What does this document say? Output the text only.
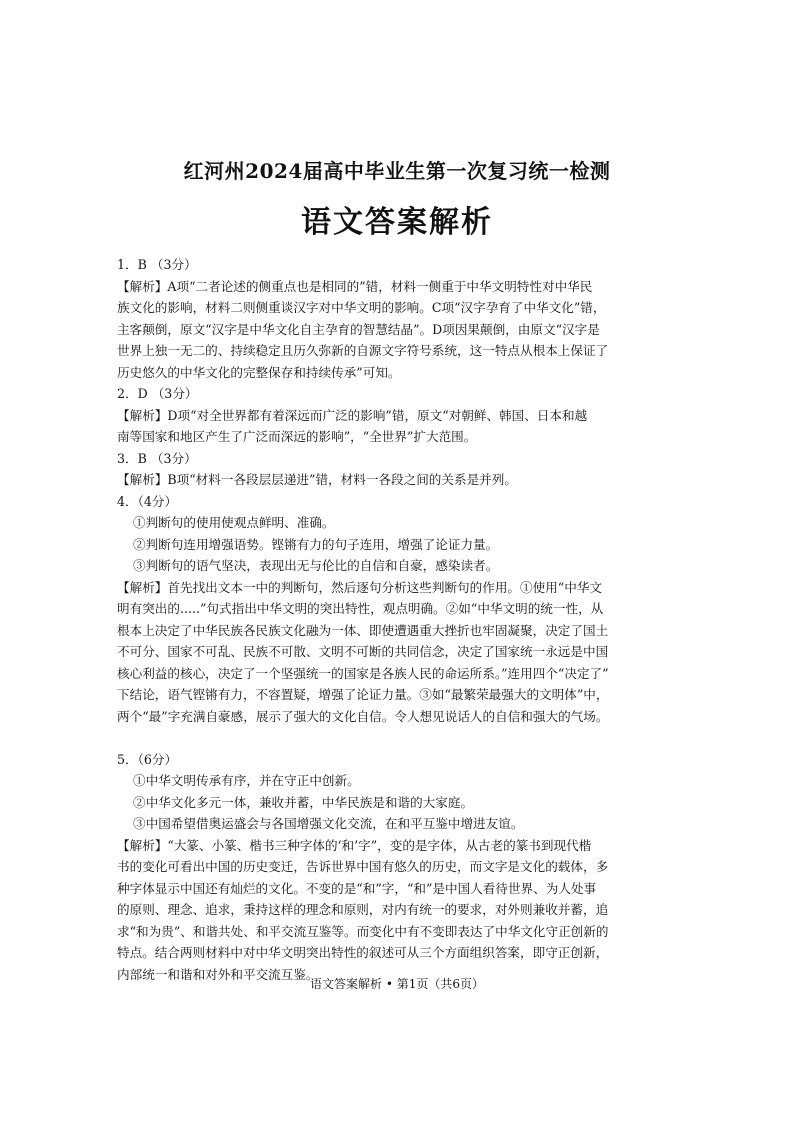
红河州2024届高中毕业生第一次复习统一检测
语文答案解析
1．B （3分）
【解析】A项“二者论述的侧重点也是相同的”错，材料一侧重于中华文明特性对中华民
族文化的影响，材料二则侧重谈汉字对中华文明的影响。C项“汉字孕育了中华文化”错，
主客颠倒，原文“汉字是中华文化自主孕育的智慧结晶”。D项因果颠倒，由原文“汉字是
世界上独一无二的、持续稳定且历久弥新的自源文字符号系统，这一特点从根本上保证了
历史悠久的中华文化的完整保存和持续传承”可知。
2．D （3分）
【解析】D项“对全世界都有着深远而广泛的影响”错，原文“对朝鲜、韩国、日本和越
南等国家和地区产生了广泛而深远的影响”，“全世界”扩大范围。
3．B （3分）
【解析】B项“材料一各段层层递进”错，材料一各段之间的关系是并列。
4．（4分）
①判断句的使用使观点鲜明、准确。
②判断句连用增强语势。铿锵有力的句子连用，增强了论证力量。
③判断句的语气坚决，表现出无与伦比的自信和自豪，感染读者。
【解析】首先找出文本一中的判断句，然后逐句分析这些判断句的作用。①使用“中华文
明有突出的.....”句式指出中华文明的突出特性，观点明确。②如“中华文明的统一性，从
根本上决定了中华民族各民族文化融为一体、即使遭遇重大挫折也牢固凝聚，决定了国土
不可分、国家不可乱、民族不可散、文明不可断的共同信念，决定了国家统一永远是中国
核心利益的核心，决定了一个坚强统一的国家是各族人民的命运所系。”连用四个“决定了”
下结论，语气铿锵有力，不容置疑，增强了论证力量。③如“最繁荣最强大的文明体”中，
两个“最”字充满自豪感，展示了强大的文化自信。令人想见说话人的自信和强大的气场。
5．（6分）
①中华文明传承有序，并在守正中创新。
②中华文化多元一体，兼收并蓄，中华民族是和谐的大家庭。
③中国希望借奥运盛会与各国增强文化交流，在和平互鉴中增进友谊。
【解析】“大篆、小篆、楷书三种字体的‘和’字”，变的是字体，从古老的篆书到现代楷
书的变化可看出中国的历史变迁，告诉世界中国有悠久的历史，而文字是文化的载体，多
种字体显示中国还有灿烂的文化。不变的是“和”字，“和”是中国人看待世界、为人处事
的原则、理念、追求，秉持这样的理念和原则，对内有统一的要求，对外则兼收并蓄，追
求“和为贵”、和谐共处、和平交流互鉴等。而变化中有不变即表达了中华文化守正创新的
特点。结合两则材料中对中华文明突出特性的叙述可从三个方面组织答案，即守正创新，
内部统一和谐和对外和平交流互鉴。
语文答案解析 • 第1页（共6页）
